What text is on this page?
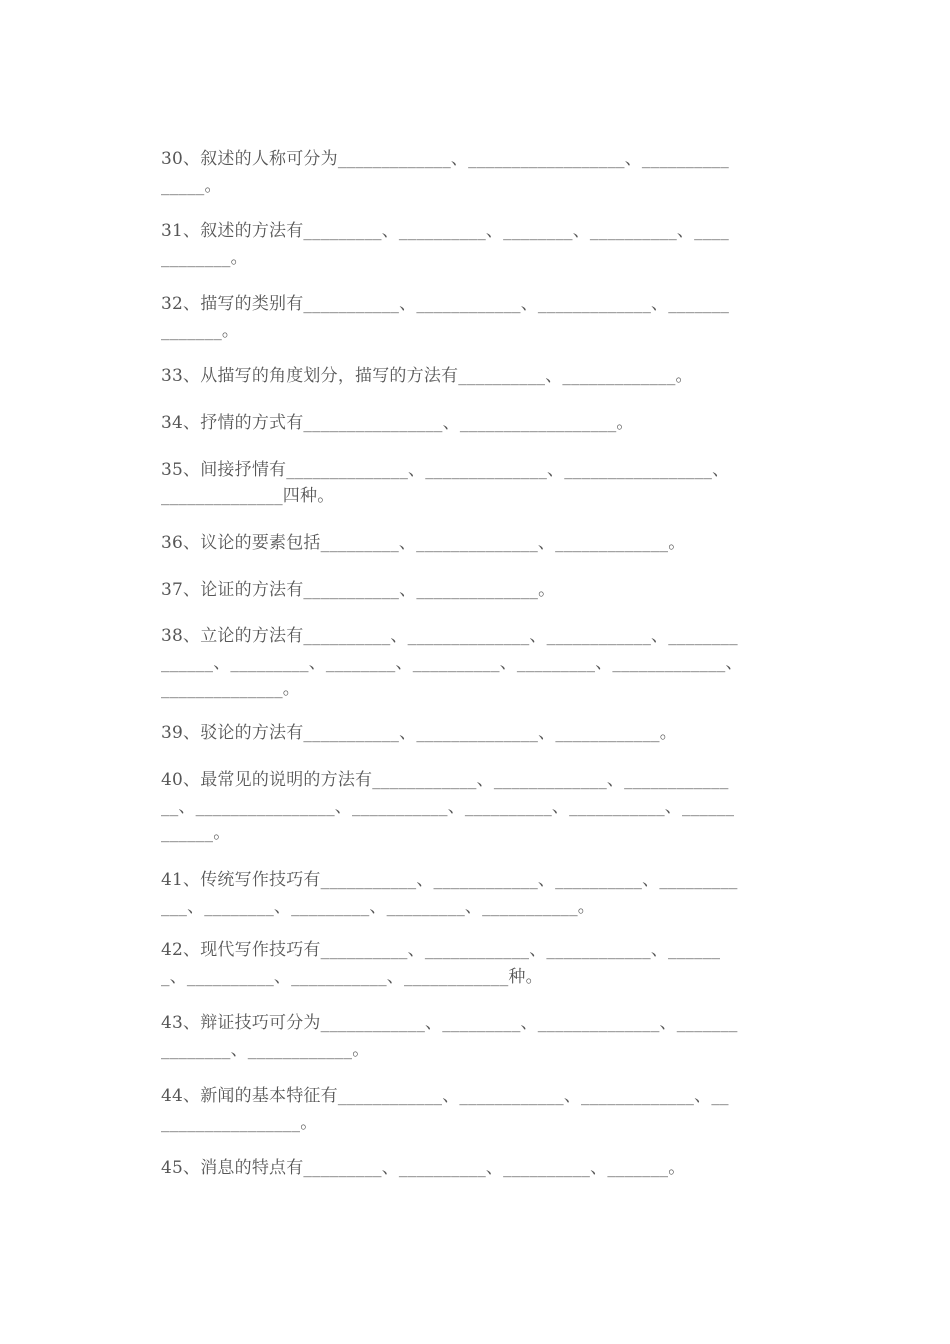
30、叙述的人称可分为_____________、__________________、__________
_____。
31、叙述的方法有_________、__________、________、__________、____
________。
32、描写的类别有___________、____________、_____________、_______
_______。
33、从描写的角度划分，描写的方法有__________、_____________。
34、抒情的方式有________________、__________________。
35、间接抒情有______________、______________、_________________、
______________四种。
36、议论的要素包括_________、______________、_____________。
37、论证的方法有___________、______________。
38、立论的方法有__________、______________、____________、________
______、_________、________、__________、_________、_____________、
______________。
39、驳论的方法有___________、______________、____________。
40、最常见的说明的方法有____________、_____________、____________
__、________________、___________、__________、___________、______
______。
41、传统写作技巧有___________、____________、__________、_________
___、________、_________、_________、___________。
42、现代写作技巧有__________、____________、____________、______
_、__________、___________、____________种。
43、辩证技巧可分为____________、_________、______________、_______
________、____________。
44、新闻的基本特征有____________、____________、_____________、__
________________。
45、消息的特点有_________、__________、__________、_______。
